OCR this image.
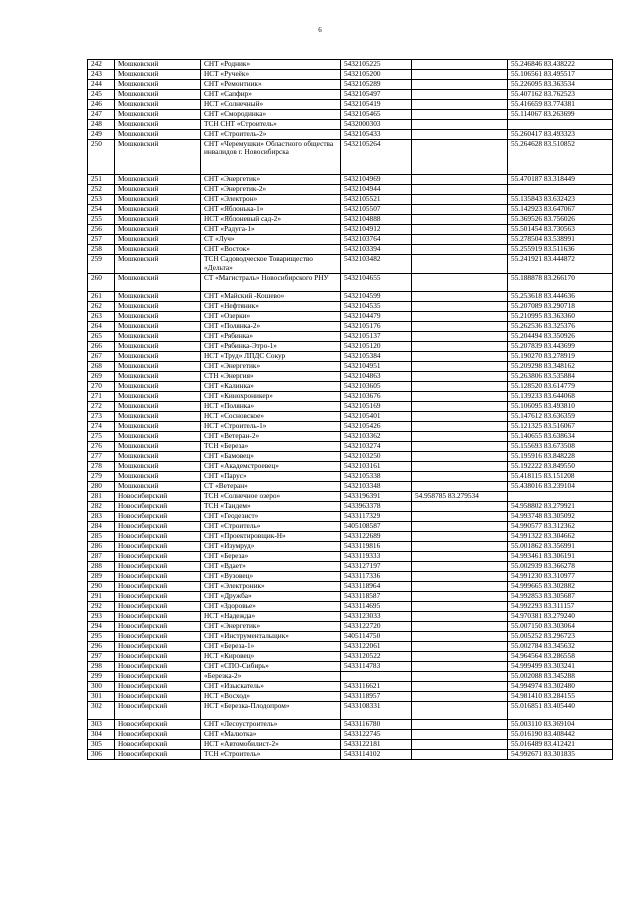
6
242	Мошковский	СНТ «Родник»	5432105225		55.246846 83.438222
243	Мошковский	НСТ «Ручеёк»	5432105200		55.106561 83.495517
244	Мошковский	СНТ «Ремонтник»	5432105289		55.226095 83.363534
245	Мошковский	СНТ «Сапфир»	5432105497		55.407162 83.762523
246	Мошковский	НСТ «Солнечный»	5432105419		55.416659 83.774381
247	Мошковский	СНТ «Смородинка»	5432105465		55.114067 83.263699
248	Мошковский	ТСН СНТ «Строитель»	5432000303		
249	Мошковский	СНТ «Строитель-2»	5432105433		55.260417 83.493323
250	Мошковский	СНТ «Черемушки» Областного общества инвалидов г. Новосибирска	5432105264		55.264628 83.510852
251	Мошковский	СНТ «Энергетик»	5432104969		55.470187 83.318449
252	Мошковский	СНТ «Энергетик-2»	5432104944		
253	Мошковский	СНТ «Электрон»	5432105521		55.135843 83.632423
254	Мошковский	СНТ «Яблонька-1»	5432105507		55.142923 83.647067
255	Мошковский	НСТ «Яблоневый сад-2»	5432104888		55.369526 83.756026
256	Мошковский	СНТ «Радуга-1»	5432104912		55.501454 83.730563
257	Мошковский	СТ «Луч»	5432103764		55.278504 83.538991
258	Мошковский	СНТ «Восток»	5432103394		55.255919 83.511636
259	Мошковский	ТСН Садоводческое Товарищество «Дельта»	5432103482		55.241921 83.444872
260	Мошковский	СТ «Магистраль» Новосибирского РНУ	5432104655		55.188878 83.266170
261	Мошковский	СНТ «Майский -Кошево»	5432104599		55.253618 83.444636
262	Мошковский	СНТ «Нефтяник»	5432104535		55.207089 83.290718
263	Мошковский	СНТ «Озерки»	5432104479		55.210995 83.363360
264	Мошковский	СНТ «Полянка-2»	5432105176		55.262536 83.325376
265	Мошковский	СНТ «Рябинка»	5432105137		55.204494 83.350926
266	Мошковский	СНТ «Рябинка-Этро-1»	5432105120		55.207839 83.443699
267	Мошковский	НСТ «Труд» ЛПДС Сокур	5432105384		55.190270 83.278919
268	Мошковский	СНТ «Энергетик»	5432104951		55.209298 83.348162
269	Мошковский	СТН «Энергия»	5432104863		55.263806 83.535884
270	Мошковский	СНТ «Калинка»	5432103605		55.128520 83.614779
271	Мошковский	СНТ «Кинохроникер»	5432103676		55.139233 83.644068
272	Мошковский	НСТ «Полянка»	5432105169		55.106095 83.493810
273	Мошковский	НСТ «Сосновское»	5432105401		55.147612 83.636359
274	Мошковский	НСТ «Строитель-1»	5432105426		55.121325 83.516067
275	Мошковский	СНТ «Ветеран-2»	5432103362		55.140655 83.638634
276	Мошковский	ТСН «Береза»	5432103274		55.155693 83.673508
277	Мошковский	СНТ «Бамовец»	5432103250		55.195916 83.848228
278	Мошковский	СНТ «Академстроевец»	5432103161		55.192222 83.849550
279	Мошковский	СНТ «Парус»	5432105338		55.418115 83.151208
280	Мошковский	СТ «Ветеран»	5432103348		55.438016 83.239104
281	Новосибирский	ТСН «Солнечное озеро»	5433196391	54.958785 83.279534	
282	Новосибирский	ТСН «Тандем»	5433963378		54.958802 83.279921
283	Новосибирский	СНТ «Геодезист»	5433117329		54.993748 83.305092
284	Новосибирский	СНТ «Строитель»	5405108587		54.990577 83.312362
285	Новосибирский	СНТ «Проектировщик-Н»	5433122689		54.991322 83.304662
286	Новосибирский	СНТ «Изумруд»	5433119816		55.001862 83.356991
287	Новосибирский	СНТ «Береза»	5433119333		54.993461 83.306191
288	Новосибирский	СНТ «Вдает»	5433127197		55.002939 83.366278
289	Новосибирский	СНТ «Вузовец»	5433117336		54.991230 83.310977
290	Новосибирский	СНТ «Электроник»	5433118964		54.999665 83.302882
291	Новосибирский	СНТ «Дружба»	5433118587		54.992853 83.305687
292	Новосибирский	СНТ «Здоровье»	5433114695		54.992293 83.311157
293	Новосибирский	НСТ «Надежда»	5433123033		54.970381 83.279240
294	Новосибирский	СНТ «Энергетик»	5433122720		55.007150 83.303064
295	Новосибирский	СНТ «Инструментальщик»	5405114750		55.005252 83.296723
296	Новосибирский	СНТ «Береза-1»	5433122061		55.002784 83.345632
297	Новосибирский	НСТ «Кировец»	5433120522		54.964564 83.286558
298	Новосибирский	СНТ «СПО-Сибирь»	5433114783		54.999499 83.303241
299	Новосибирский	«Березка-2»			55.002088 83.345288
300	Новосибирский	СНТ «Изыскатель»	5433116621		54.994974 83.302480
301	Новосибирский	НСТ «Восход»	5433118957		54.981410 83.284155
302	Новосибирский	НСТ «Березка-Плодопром»	5433108331		55.016851 83.405440
303	Новосибирский	СНТ «Лесоустроитель»	5433116780		55.003110 83.369104
304	Новосибирский	СНТ «Малютка»	5433122745		55.016190 83.408442
305	Новосибирский	НСТ «Автомобилист-2»	5433122181		55.016489 83.412421
306	Новосибирский	ТСН «Строитель»	5433114102		54.992671 83.301835
